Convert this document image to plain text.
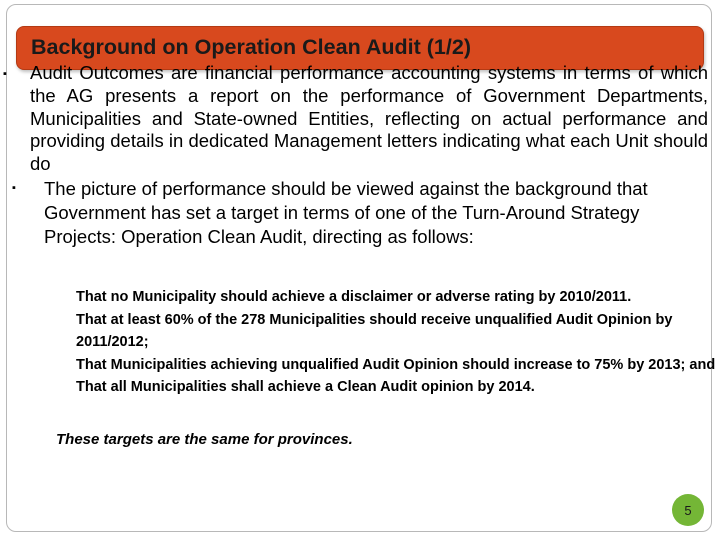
Background on Operation Clean Audit (1/2)
▪ Audit Outcomes are financial performance accounting systems in terms of which the AG presents a report on the performance of Government Departments, Municipalities and State-owned Entities, reflecting on actual performance and providing details in dedicated Management letters indicating what each Unit should do

▪ The picture of performance should be viewed against the background that Government has set a target in terms of one of the Turn-Around Strategy Projects: Operation Clean Audit, directing as follows:

That no Municipality should achieve a disclaimer or adverse rating by 2010/2011.
That at least 60% of the 278 Municipalities should receive unqualified Audit Opinion by 2011/2012;
That Municipalities achieving unqualified Audit Opinion should increase to 75% by 2013; and
That all Municipalities shall achieve a Clean Audit opinion by 2014.

These targets are the same for provinces.

5
